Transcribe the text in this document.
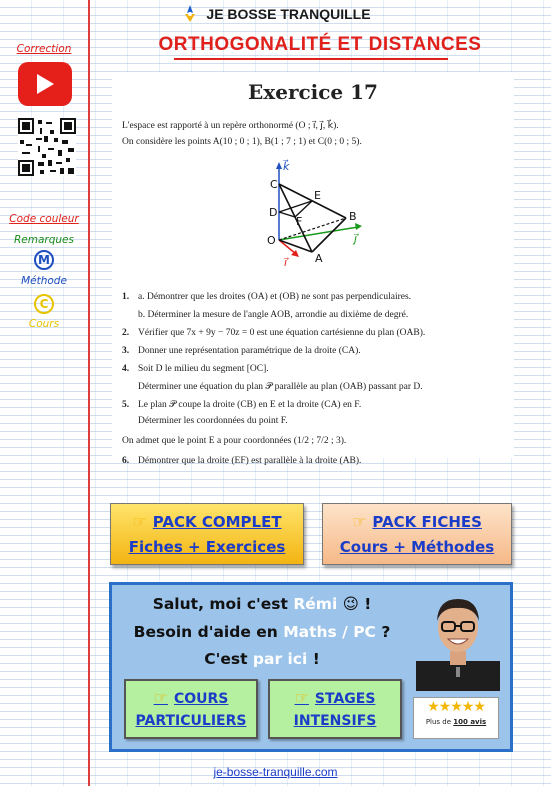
JE BOSSE TRANQUILLE
ORTHOGONALITÉ ET DISTANCES
Correction
Code couleur
Remarques
M
Méthode
C
Cours
Exercice 17
L'espace est rapporté à un repère orthonormé (O ; i⃗, j⃗, k⃗).
On considère les points A(10 ; 0 ; 1), B(1 ; 7 ; 1) et C(0 ; 0 ; 5).
C
E
D
F	B
O
A
k⃗
j⃗
i⃗
1. a. Démontrer que les droites (OA) et (OB) ne sont pas perpendiculaires.
b. Déterminer la mesure de l'angle AOB, arrondie au dixième de degré.
2. Vérifier que 7x + 9y − 70z = 0 est une équation cartésienne du plan (OAB).
3. Donner une représentation paramétrique de la droite (CA).
4. Soit D le milieu du segment [OC].
Déterminer une équation du plan 𝒫 parallèle au plan (OAB) passant par D.
5. Le plan 𝒫 coupe la droite (CB) en E et la droite (CA) en F.
Déterminer les coordonnées du point F.
On admet que le point E a pour coordonnées (1/2 ; 7/2 ; 3).
6. Démontrer que la droite (EF) est parallèle à la droite (AB).
☞ PACK COMPLET
Fiches + Exercices
☞ PACK FICHES
Cours + Méthodes
Salut, moi c'est Rémi 😉 !
Besoin d'aide en Maths / PC ?
C'est par ici !
☞ COURS
PARTICULIERS
☞ STAGES
INTENSIFS
★★★★★
Plus de 100 avis
je-bosse-tranquille.com
